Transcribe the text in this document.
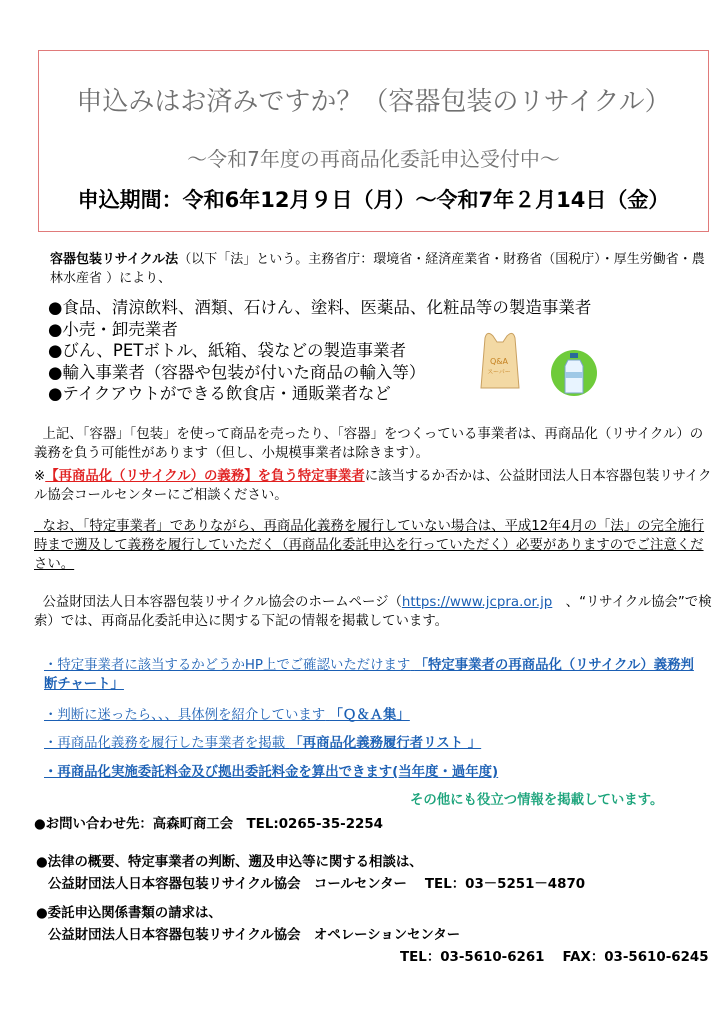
申込みはお済みですか？（容器包装のリサイクル）
～令和7年度の再商品化委託申込受付中～
申込期間：令和6年12月９日（月）～令和7年２月14日（金）
容器包装リサイクル法（以下「法」という。主務省庁：環境省・経済産業省・財務省（国税庁）・厚生労働省・農林水産省 ）により、
●食品、清涼飲料、酒類、石けん、塗料、医薬品、化粧品等の製造事業者
●小売・卸売業者
●びん、PETボトル、紙箱、袋などの製造事業者
●輸入事業者（容器や包装が付いた商品の輸入等）
●テイクアウトができる飲食店・通販業者など
Q&A
スーパー
上記、「容器」「包装」を使って商品を売ったり、「容器」をつくっている事業者は、再商品化（リサイクル）の義務を負う可能性があります（但し、小規模事業者は除きます）。
※【再商品化（リサイクル）の義務】を負う特定事業者に該当するか否かは、公益財団法人日本容器包装リサイクル協会コールセンターにご相談ください。
なお、「特定事業者」でありながら、再商品化義務を履行していない場合は、平成12年4月の「法」の完全施行時まで遡及して義務を履行していただく（再商品化委託申込を行っていただく）必要がありますのでご注意ください。
公益財団法人日本容器包装リサイクル協会のホームページ（https://www.jcpra.or.jp　、“リサイクル協会”で検索）では、再商品化委託申込に関する下記の情報を掲載しています。
・特定事業者に該当するかどうかHP上でご確認いただけます 「特定事業者の再商品化（リサイクル）義務判断チャート」
・判断に迷ったら、、、具体例を紹介しています 「Ｑ＆Ａ集」
・再商品化義務を履行した事業者を掲載 「再商品化義務履行者リスト 」
・再商品化実施委託料金及び拠出委託料金を算出できます(当年度・過年度)
その他にも役立つ情報を掲載しています。
●お問い合わせ先：高森町商工会　TEL:0265-35-2254
●法律の概要、特定事業者の判断、遡及申込等に関する相談は、
公益財団法人日本容器包装リサイクル協会　コールセンター　 TEL：03－5251－4870
●委託申込関係書類の請求は、
公益財団法人日本容器包装リサイクル協会　オペレーションセンター
TEL：03-5610-6261　 FAX：03-5610-6245
